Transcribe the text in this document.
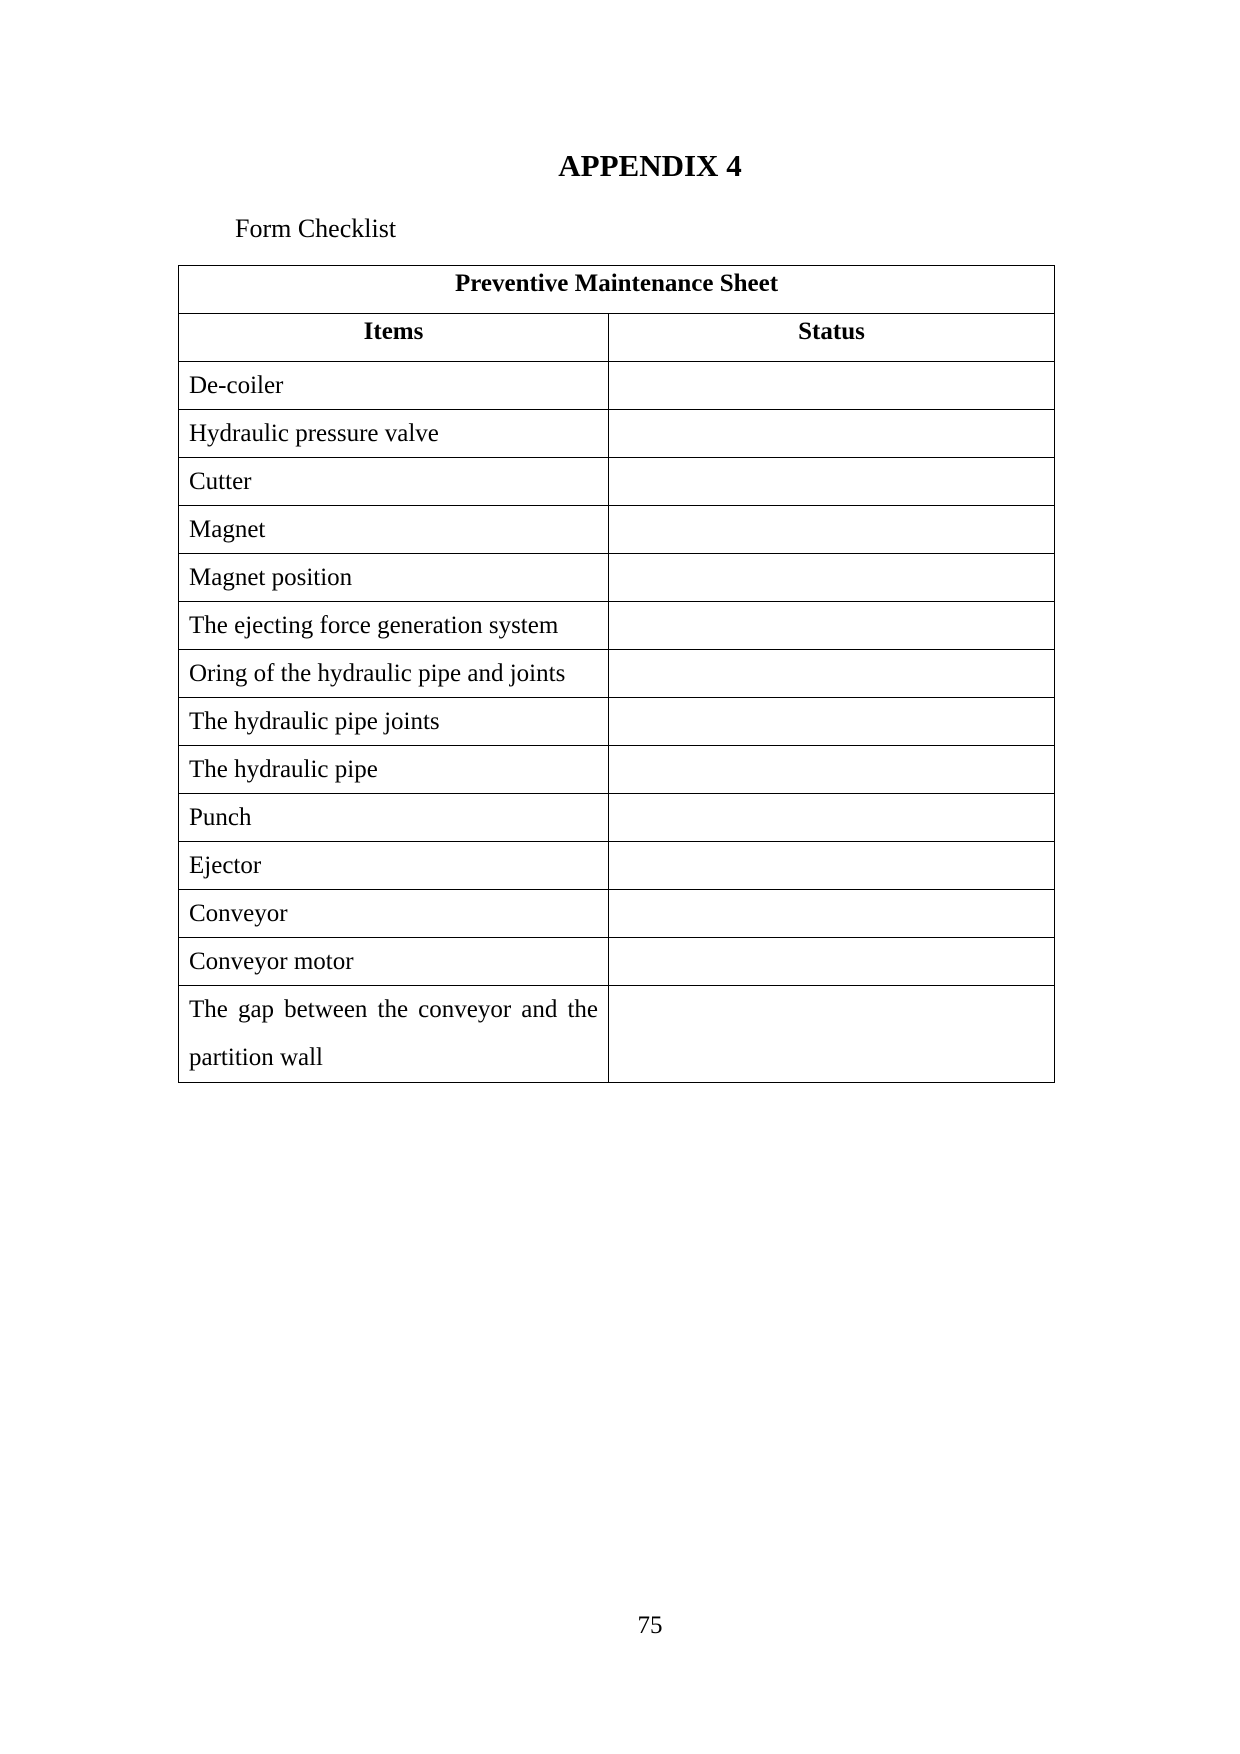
APPENDIX 4

Form Checklist

Preventive Maintenance Sheet	
Items	Status
De-coiler	
Hydraulic pressure valve	
Cutter	
Magnet	
Magnet position	
The ejecting force generation system	
Oring of the hydraulic pipe and joints	
The hydraulic pipe joints	
The hydraulic pipe	
Punch	
Ejector	
Conveyor	
Conveyor motor	
The gap between the conveyor and the partition wall	

75
